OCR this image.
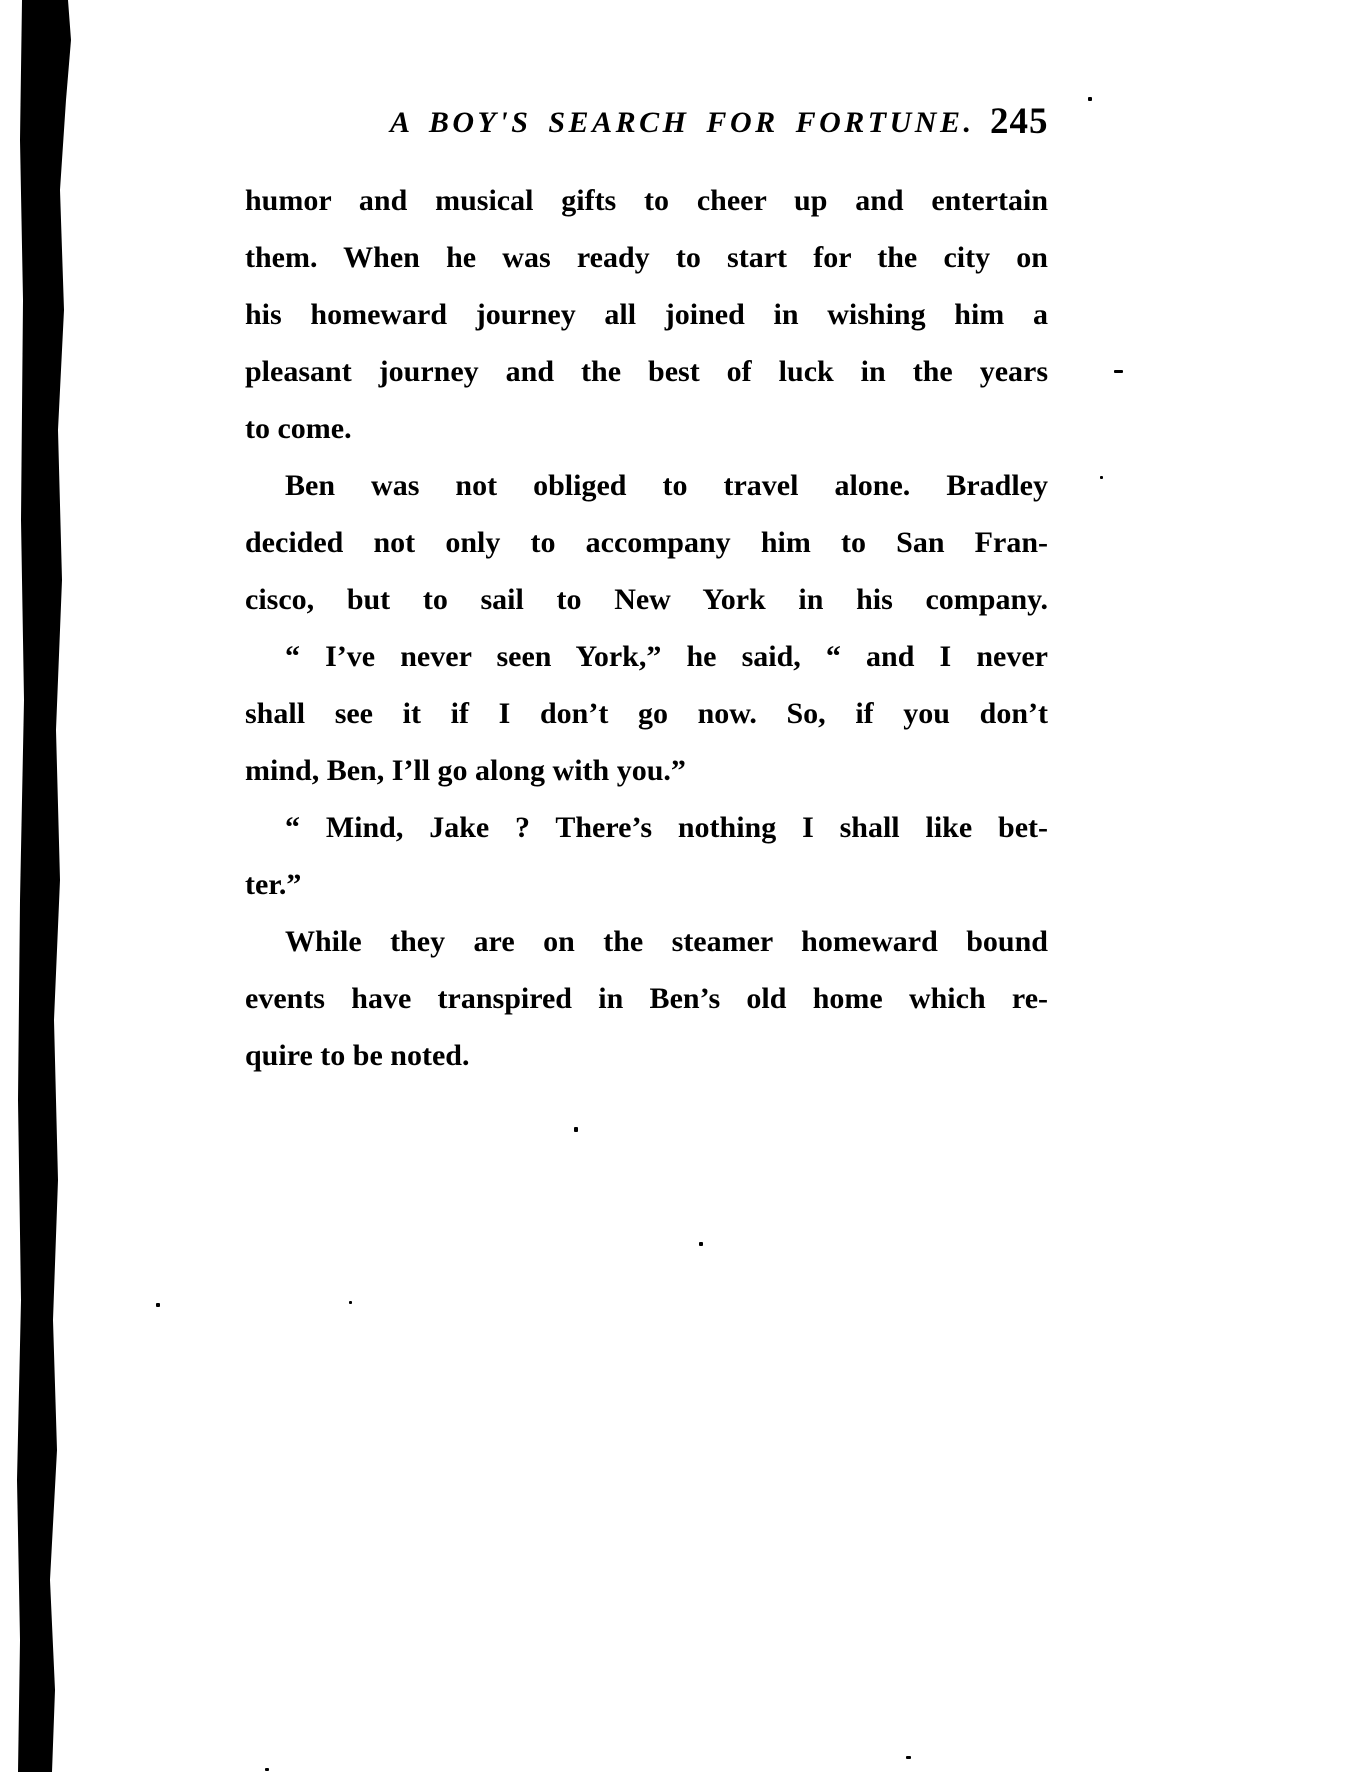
A BOY'S SEARCH FOR FORTUNE. 245
humor and musical gifts to cheer up and entertain
them. When he was ready to start for the city on
his homeward journey all joined in wishing him a
pleasant journey and the best of luck in the years
to come.
Ben was not obliged to travel alone. Bradley
decided not only to accompany him to San Fran-
cisco, but to sail to New York in his company.
“ I’ve never seen York,” he said, “ and I never
shall see it if I don’t go now. So, if you don’t
mind, Ben, I’ll go along with you.”
“ Mind, Jake ? There’s nothing I shall like bet-
ter.”
While they are on the steamer homeward bound
events have transpired in Ben’s old home which re-
quire to be noted.
